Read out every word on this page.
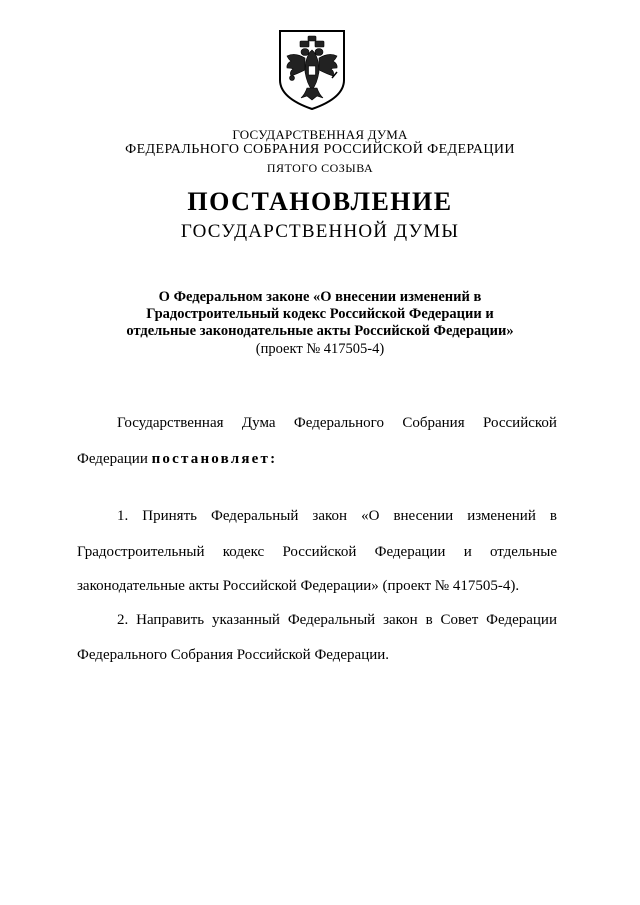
ГОСУДАРСТВЕННАЯ ДУМА
ФЕДЕРАЛЬНОГО СОБРАНИЯ РОССИЙСКОЙ ФЕДЕРАЦИИ
ПЯТОГО СОЗЫВА
ПОСТАНОВЛЕНИЕ
ГОСУДАРСТВЕННОЙ ДУМЫ
О Федеральном законе «О внесении изменений в
Градостроительный кодекс Российской Федерации и
отдельные законодательные акты Российской Федерации»
(проект № 417505-4)
Государственная Дума Федерального Собрания Российской
Федерации постановляет:
1. Принять Федеральный закон «О внесении изменений в
Градостроительный кодекс Российской Федерации и отдельные
законодательные акты Российской Федерации» (проект № 417505-4).
2. Направить указанный Федеральный закон в Совет Федерации
Федерального Собрания Российской Федерации.
